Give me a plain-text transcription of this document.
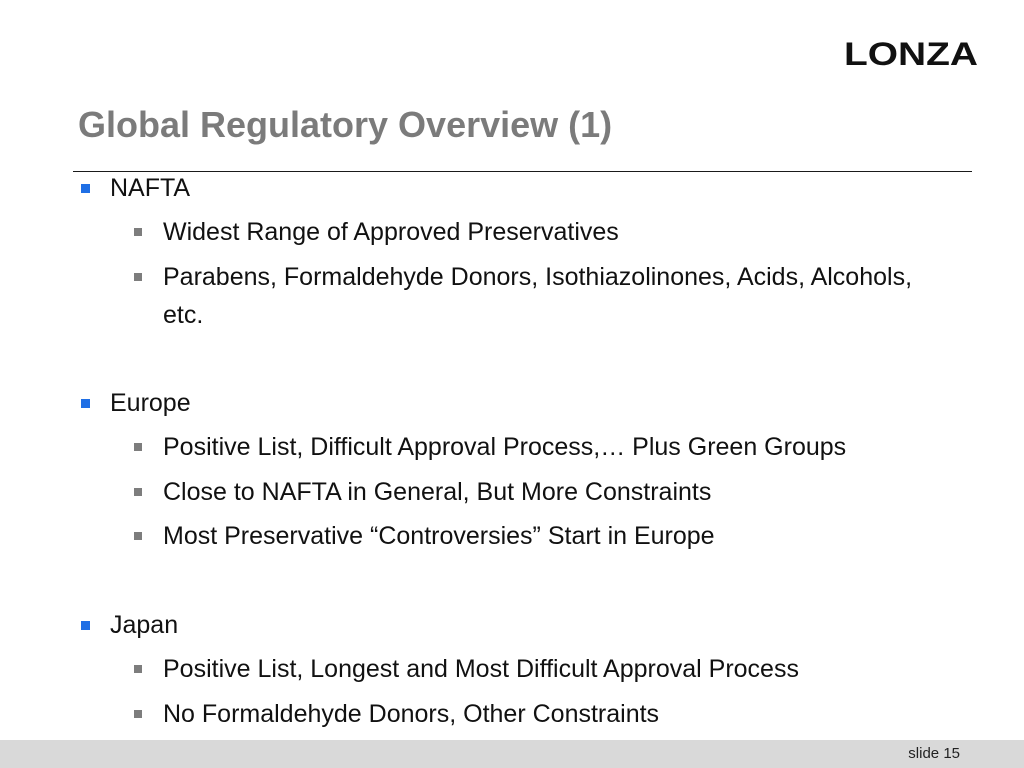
LONZA
Global Regulatory Overview (1)
NAFTA
Widest Range of Approved Preservatives
Parabens, Formaldehyde Donors, Isothiazolinones, Acids, Alcohols, etc.
Europe
Positive List, Difficult Approval Process,… Plus Green Groups
Close to NAFTA in General, But More Constraints
Most Preservative “Controversies” Start in Europe
Japan
Positive List, Longest and Most Difficult Approval Process
No Formaldehyde Donors, Other Constraints
slide 15
